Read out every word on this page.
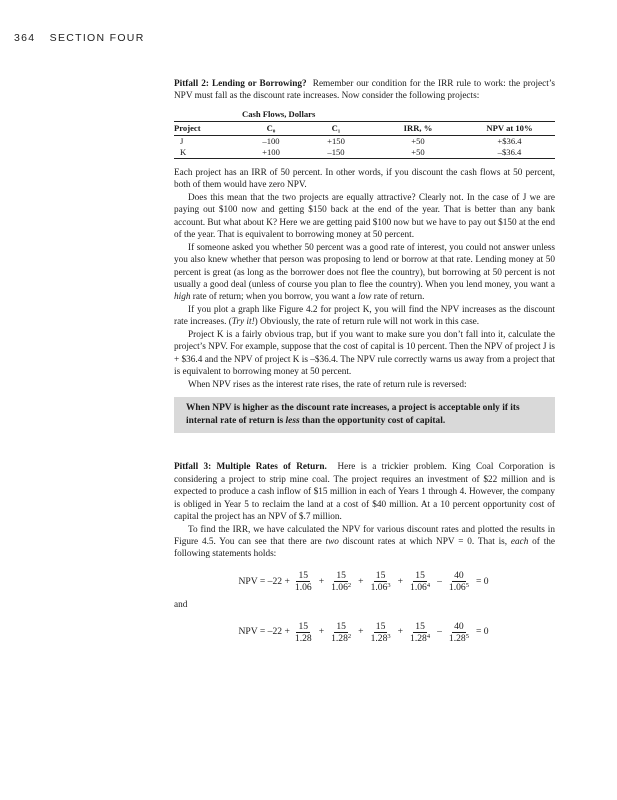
364 SECTION FOUR

Pitfall 2: Lending or Borrowing? Remember our condition for the IRR rule to work: the project’s NPV must fall as the discount rate increases. Now consider the following projects:

	Cash Flows, Dollars			
Project	C₀	C₁	IRR, %	NPV at 10%
J	–100	+150	+50	+$36.4
K	+100	–150	+50	–$36.4

Each project has an IRR of 50 percent. In other words, if you discount the cash flows at 50 percent, both of them would have zero NPV.

Does this mean that the two projects are equally attractive? Clearly not. In the case of J we are paying out $100 now and getting $150 back at the end of the year. That is better than any bank account. But what about K? Here we are getting paid $100 now but we have to pay out $150 at the end of the year. That is equivalent to borrowing money at 50 percent.

If someone asked you whether 50 percent was a good rate of interest, you could not answer unless you also knew whether that person was proposing to lend or borrow at that rate. Lending money at 50 percent is great (as long as the borrower does not flee the country), but borrowing at 50 percent is not usually a good deal (unless of course you plan to flee the country). When you lend money, you want a high rate of return; when you borrow, you want a low rate of return.

If you plot a graph like Figure 4.2 for project K, you will find the NPV increases as the discount rate increases. (Try it!) Obviously, the rate of return rule will not work in this case.

Project K is a fairly obvious trap, but if you want to make sure you don’t fall into it, calculate the project’s NPV. For example, suppose that the cost of capital is 10 percent. Then the NPV of project J is + $36.4 and the NPV of project K is –$36.4. The NPV rule correctly warns us away from a project that is equivalent to borrowing money at 50 percent.

When NPV rises as the interest rate rises, the rate of return rule is reversed:

When NPV is higher as the discount rate increases, a project is acceptable only if its internal rate of return is less than the opportunity cost of capital.

Pitfall 3: Multiple Rates of Return. Here is a trickier problem. King Coal Corporation is considering a project to strip mine coal. The project requires an investment of $22 million and is expected to produce a cash inflow of $15 million in each of Years 1 through 4. However, the company is obliged in Year 5 to reclaim the land at a cost of $40 million. At a 10 percent opportunity cost of capital the project has an NPV of $.7 million.

To find the IRR, we have calculated the NPV for various discount rates and plotted the results in Figure 4.5. You can see that there are two discount rates at which NPV = 0. That is, each of the following statements holds:

NPV = $-22 + \frac{15}{1.06} + \frac{15}{1.06^2} + \frac{15}{1.06^3} + \frac{15}{1.06^4} - \frac{40}{1.06^5} = 0$

and

NPV = $-22 + \frac{15}{1.28} + \frac{15}{1.28^2} + \frac{15}{1.28^3} + \frac{15}{1.28^4} - \frac{40}{1.28^5} = 0$
